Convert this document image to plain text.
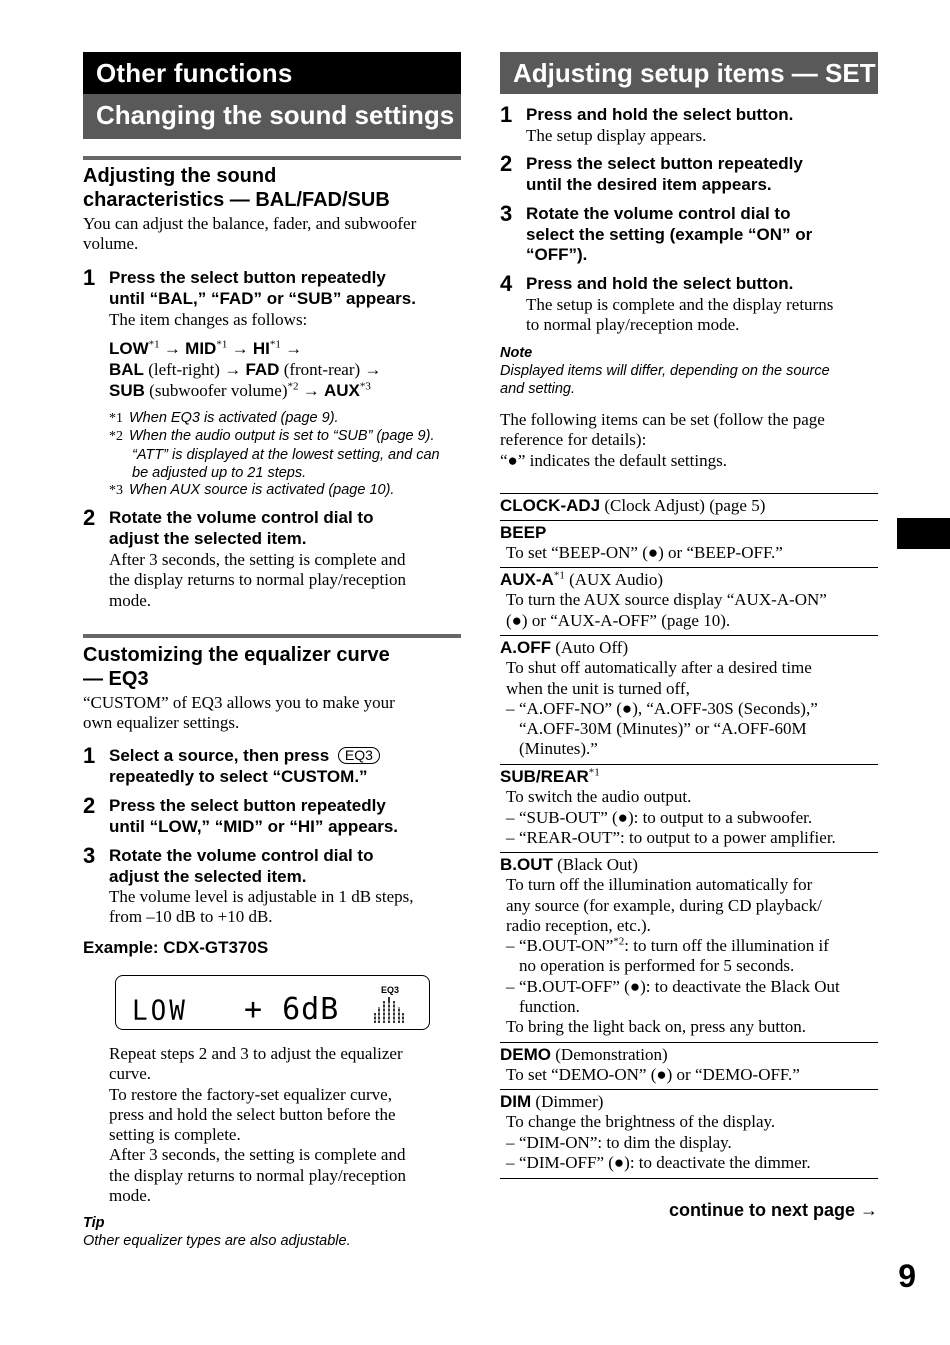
Other functions
Changing the sound settings
Adjusting the sound
characteristics — BAL/FAD/SUB
You can adjust the balance, fader, and subwoofer
volume.
1 Press the select button repeatedly
until “BAL,” “FAD” or “SUB” appears.
The item changes as follows:
$LOW^{*1} \to MID^{*1} \to HI^{*1}$ →
BAL (left-right) → FAD (front-rear) →
SUB (subwoofer volume)$^{*2}$ → $AUX^{*3}$
*1 When EQ3 is activated (page 9).
*2 When the audio output is set to “SUB” (page 9).
“ATT” is displayed at the lowest setting, and can
be adjusted up to 21 steps.
*3 When AUX source is activated (page 10).
2 Rotate the volume control dial to
adjust the selected item.
After 3 seconds, the setting is complete and
the display returns to normal play/reception
mode.
Customizing the equalizer curve
— EQ3
“CUSTOM” of EQ3 allows you to make your
own equalizer settings.
1 Select a source, then press EQ3
repeatedly to select “CUSTOM.”
2 Press the select button repeatedly
until “LOW,” “MID” or “HI” appears.
3 Rotate the volume control dial to
adjust the selected item.
The volume level is adjustable in 1 dB steps,
from –10 dB to +10 dB.
Example: CDX-GT370S
LOW + 6dB
EQ3
Repeat steps 2 and 3 to adjust the equalizer
curve.
To restore the factory-set equalizer curve,
press and hold the select button before the
setting is complete.
After 3 seconds, the setting is complete and
the display returns to normal play/reception
mode.
Tip
Other equalizer types are also adjustable.
Adjusting setup items — SET
1 Press and hold the select button.
The setup display appears.
2 Press the select button repeatedly
until the desired item appears.
3 Rotate the volume control dial to
select the setting (example “ON” or
“OFF”).
4 Press and hold the select button.
The setup is complete and the display returns
to normal play/reception mode.
Note
Displayed items will differ, depending on the source
and setting.
The following items can be set (follow the page
reference for details):
“●” indicates the default settings.
CLOCK-ADJ (Clock Adjust) (page 5)
BEEP
To set “BEEP-ON” (●) or “BEEP-OFF.”
AUX-$A^{*1}$ (AUX Audio)
To turn the AUX source display “AUX-A-ON”
(●) or “AUX-A-OFF” (page 10).
A.OFF (Auto Off)
To shut off automatically after a desired time
when the unit is turned off,
– “A.OFF-NO” (●), “A.OFF-30S (Seconds),”
“A.OFF-30M (Minutes)” or “A.OFF-60M
(Minutes).”
SUB/REAR$^{*1}$
To switch the audio output.
– “SUB-OUT” (●): to output to a subwoofer.
– “REAR-OUT”: to output to a power amplifier.
B.OUT (Black Out)
To turn off the illumination automatically for
any source (for example, during CD playback/
radio reception, etc.).
– “B.OUT-ON”$^{*2}$: to turn off the illumination if
no operation is performed for 5 seconds.
– “B.OUT-OFF” (●): to deactivate the Black Out
function.
To bring the light back on, press any button.
DEMO (Demonstration)
To set “DEMO-ON” (●) or “DEMO-OFF.”
DIM (Dimmer)
To change the brightness of the display.
– “DIM-ON”: to dim the display.
– “DIM-OFF” (●): to deactivate the dimmer.
continue to next page →
9
